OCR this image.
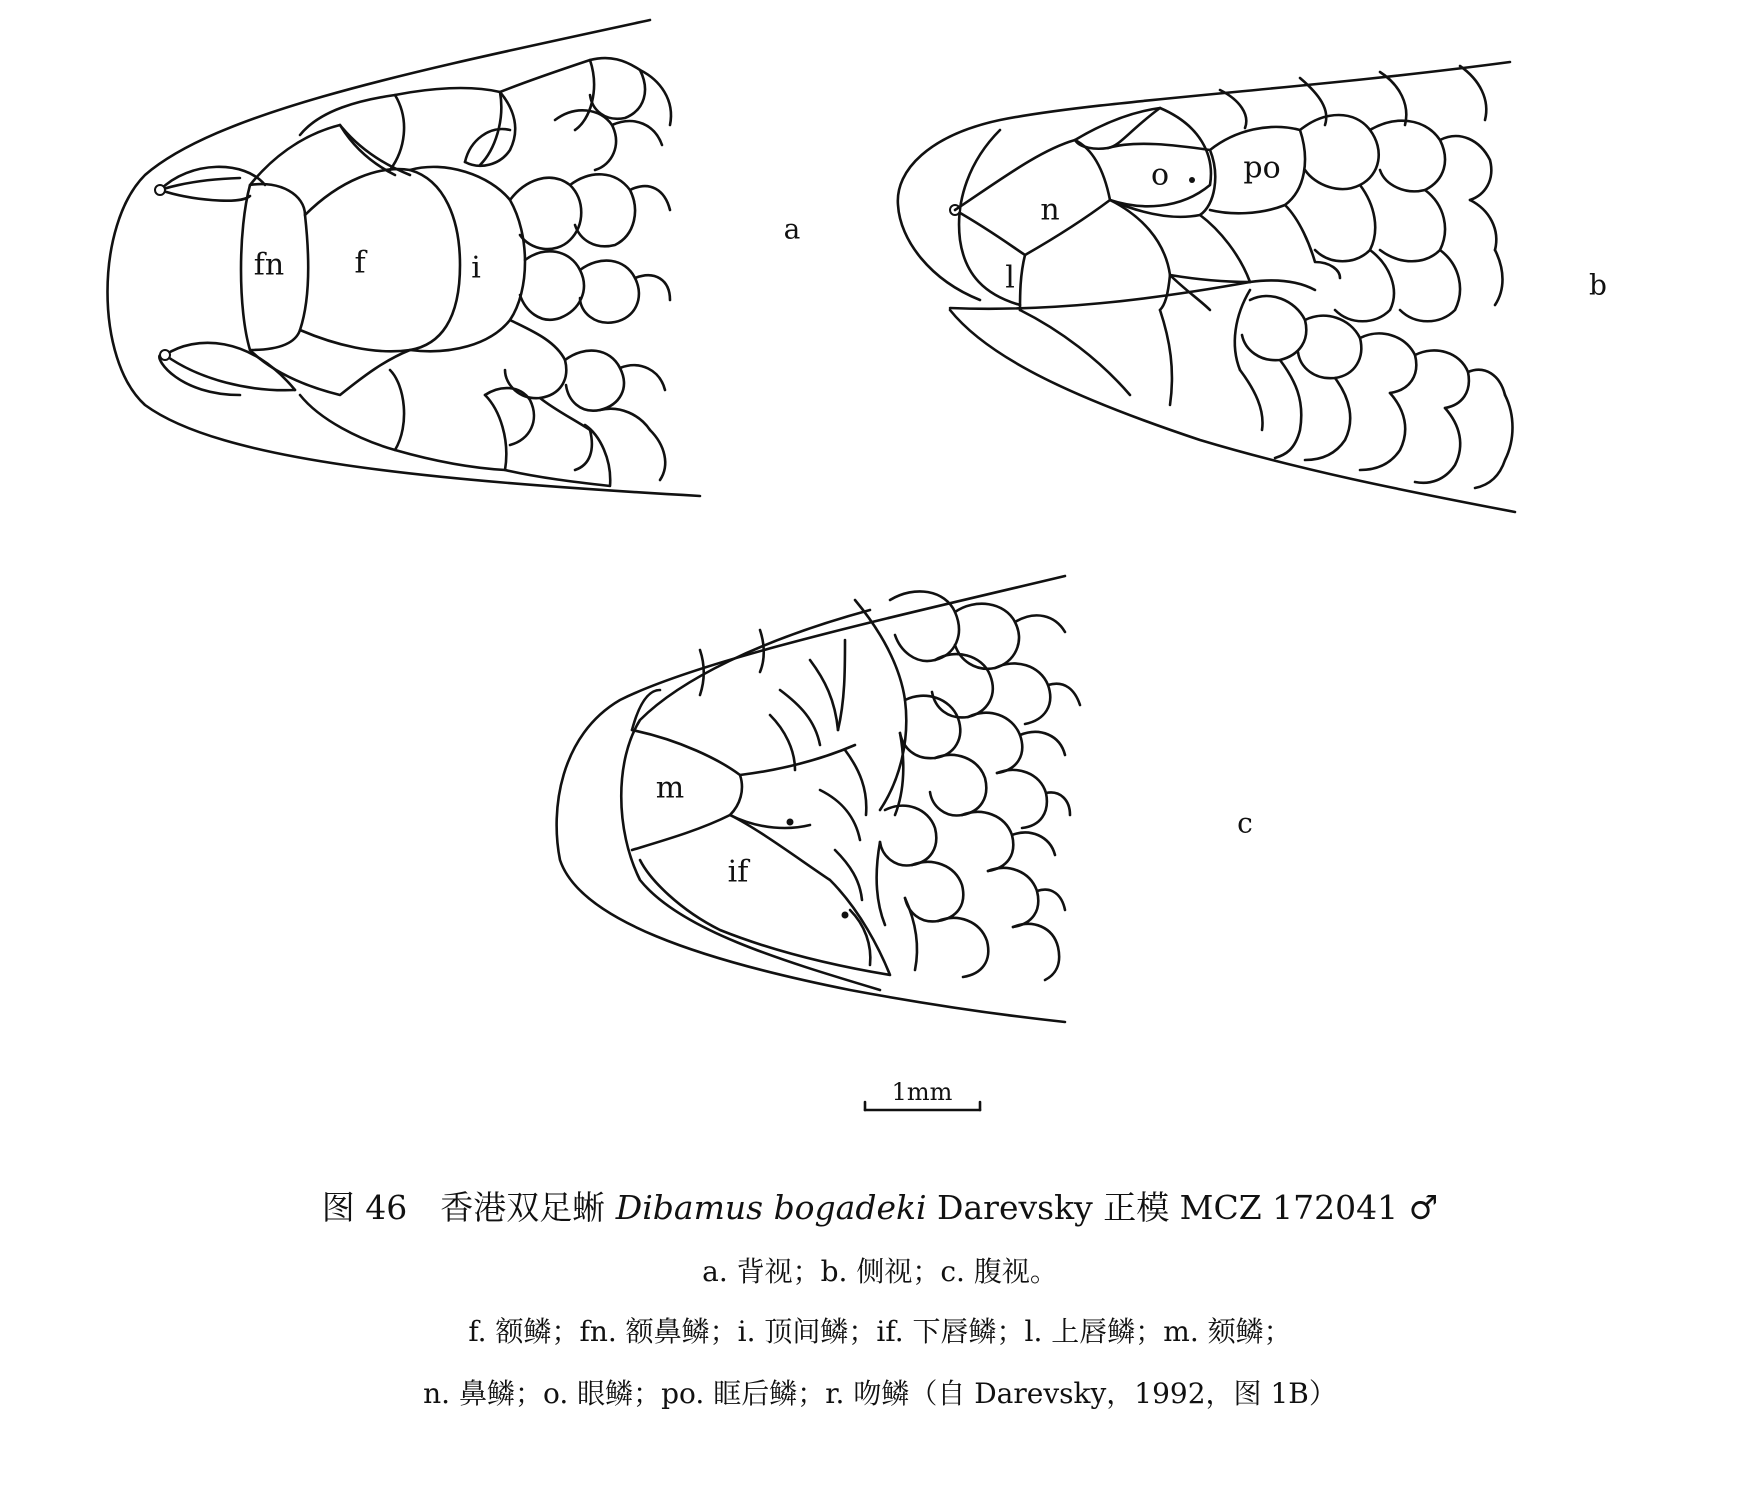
fn f	i
a
n
o po
l	b
m
if
c
1mm
图 46　香港双足蜥 Dibamus bogadeki Darevsky 正模 MCZ 172041 ♂
a. 背视；b. 侧视；c. 腹视。
f. 额鳞；fn. 额鼻鳞；i. 顶间鳞；if. 下唇鳞；l. 上唇鳞；m. 颏鳞；
n. 鼻鳞；o. 眼鳞；po. 眶后鳞；r. 吻鳞（自 Darevsky，1992，图 1B）
